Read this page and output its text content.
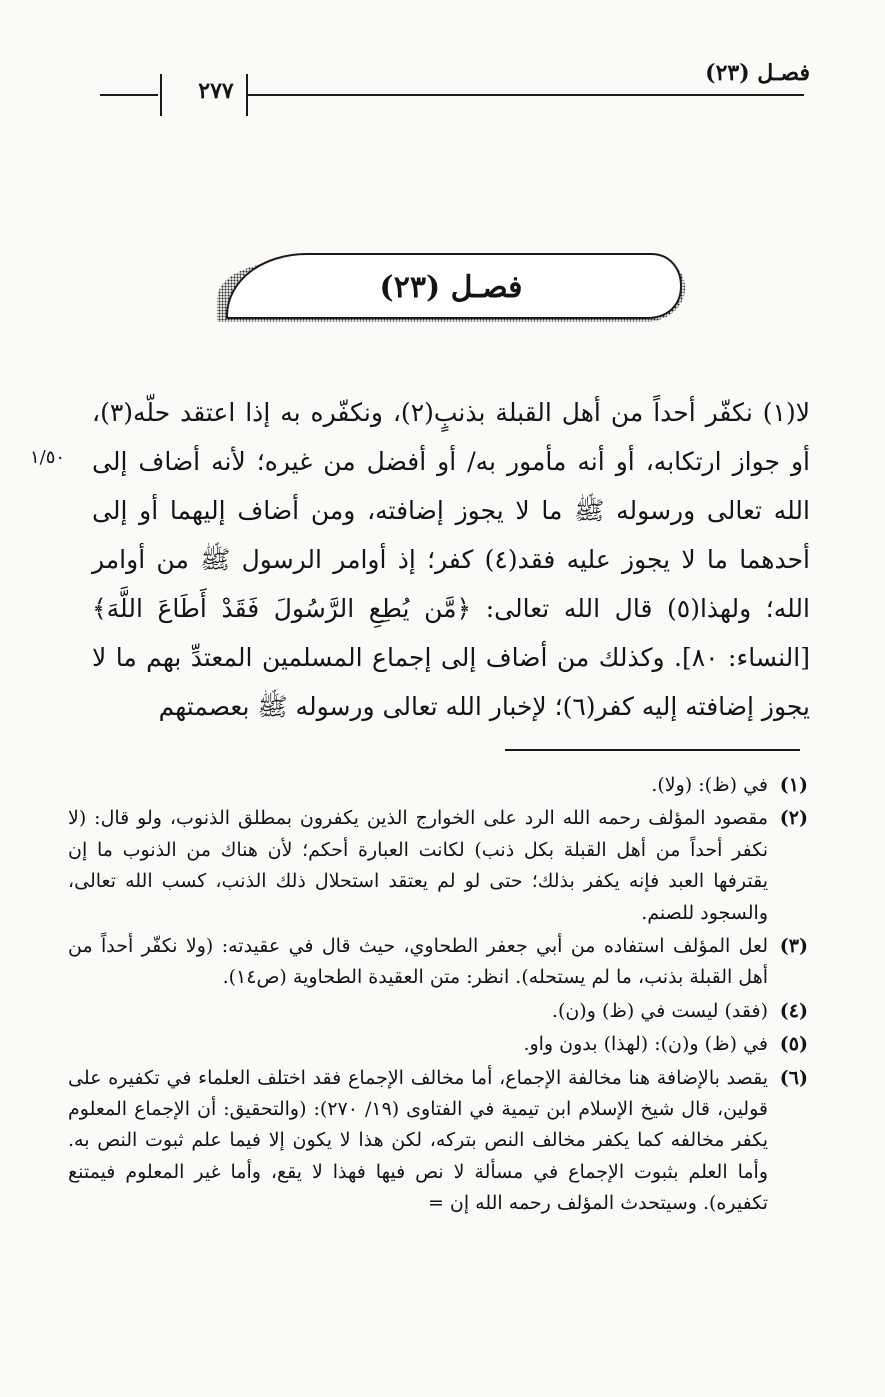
فصـل (٢٣)
٢٧٧
فصـل (٢٣)
١/٥٠

لا(١) نكفّر أحداً من أهل القبلة بذنبٍ(٢)، ونكفّره به إذا اعتقد حلّه(٣)، أو جواز ارتكابه، أو أنه مأمور به/ أو أفضل من غيره؛ لأنه أضاف إلى الله تعالى ورسوله ﷺ ما لا يجوز إضافته، ومن أضاف إليهما أو إلى أحدهما ما لا يجوز عليه فقد(٤) كفر؛ إذ أوامر الرسول ﷺ من أوامر الله؛ ولهذا(٥) قال الله تعالى: ﴿مَّن يُطِعِ الرَّسُولَ فَقَدْ أَطَاعَ اللَّهَ﴾ [النساء: ٨٠]. وكذلك من أضاف إلى إجماع المسلمين المعتدِّ بهم ما لا يجوز إضافته إليه كفر(٦)؛ لإخبار الله تعالى ورسوله ﷺ بعصمتهم

(١)

في (ظ): (ولا).

(٢)

مقصود المؤلف رحمه الله الرد على الخوارج الذين يكفرون بمطلق الذنوب، ولو قال: (لا نكفر أحداً من أهل القبلة بكل ذنب) لكانت العبارة أحكم؛ لأن هناك من الذنوب ما إن يقترفها العبد فإنه يكفر بذلك؛ حتى لو لم يعتقد استحلال ذلك الذنب، كسب الله تعالى، والسجود للصنم.

(٣)

لعل المؤلف استفاده من أبي جعفر الطحاوي، حيث قال في عقيدته: (ولا نكفّر أحداً من أهل القبلة بذنب، ما لم يستحله). انظر: متن العقيدة الطحاوية (ص١٤).

(٤)

(فقد) ليست في (ظ) و(ن).

(٥)

في (ظ) و(ن): (لهذا) بدون واو.

(٦)

يقصد بالإضافة هنا مخالفة الإجماع، أما مخالف الإجماع فقد اختلف العلماء في تكفيره على قولين، قال شيخ الإسلام ابن تيمية في الفتاوى (١٩/ ٢٧٠): (والتحقيق: أن الإجماع المعلوم يكفر مخالفه كما يكفر مخالف النص بتركه، لكن هذا لا يكون إلا فيما علم ثبوت النص به. وأما العلم بثبوت الإجماع في مسألة لا نص فيها فهذا لا يقع، وأما غير المعلوم فيمتنع تكفيره). وسيتحدث المؤلف رحمه الله إن =
